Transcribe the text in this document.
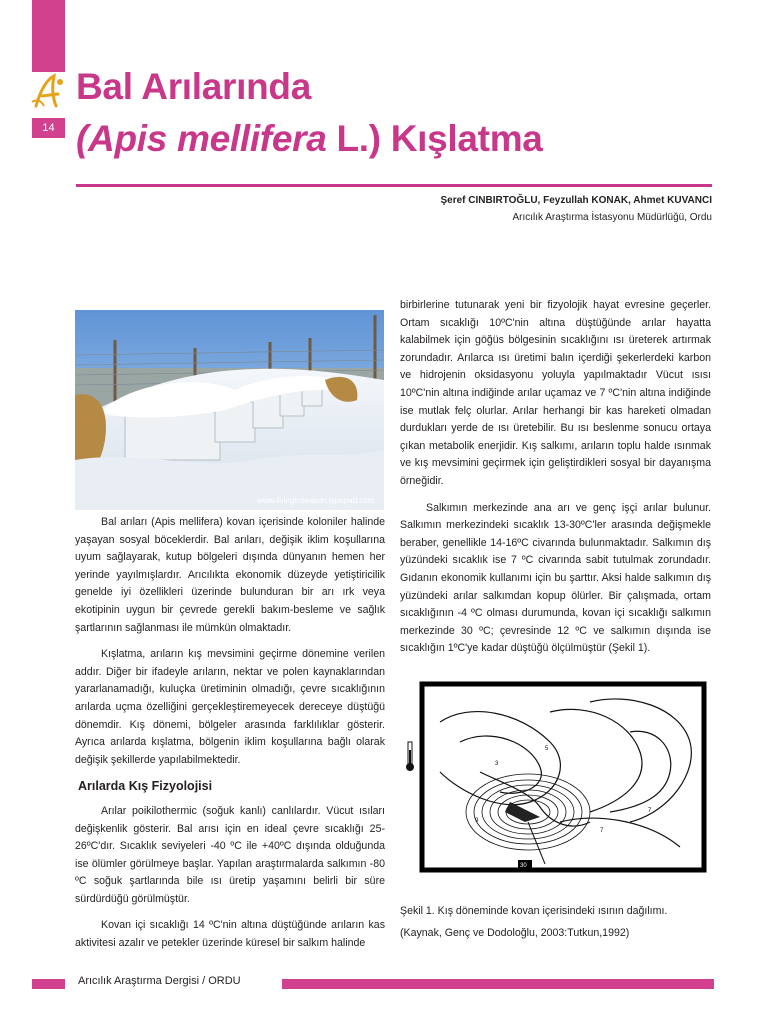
14
Bal Arılarında
(Apis mellifera L.) Kışlatma
Şeref CINBIRTOĞLU, Feyzullah KONAK, Ahmet KUVANCI
Arıcılık Araştırma İstasyonu Müdürlüğü, Ordu
www.livinginseason.typepad.com

Bal arıları (Apis mellifera) kovan içerisinde koloniler halinde yaşayan sosyal böceklerdir. Bal arıları, değişik iklim koşullarına uyum sağlayarak, kutup bölgeleri dışında dünyanın hemen her yerinde yayılmışlardır. Arıcılıkta ekonomik düzeyde yetiştiricilik genelde iyi özellikleri üzerinde bulunduran bir arı ırk veya ekotipinin uygun bir çevrede gerekli bakım-besleme ve sağlık şartlarının sağlanması ile mümkün olmaktadır.

Kışlatma, arıların kış mevsimini geçirme dönemine verilen addır. Diğer bir ifadeyle arıların, nektar ve polen kaynaklarından yararlanamadığı, kuluçka üretiminin olmadığı, çevre sıcaklığının arılarda uçma özelliğini gerçekleştiremeyecek dereceye düştüğü dönemdir. Kış dönemi, bölgeler arasında farklılıklar gösterir. Ayrıca arılarda kışlatma, bölgenin iklim koşullarına bağlı olarak değişik şekillerde yapılabilmektedir.

Arılarda Kış Fizyolojisi

Arılar poikilothermic (soğuk kanlı) canlılardır. Vücut ısıları değişkenlik gösterir. Bal arısı için en ideal çevre sıcaklığı 25-26ºC'dır. Sıcaklık seviyeleri -40 ºC ile +40ºC dışında olduğunda ise ölümler görülmeye başlar. Yapılan araştırmalarda salkımın -80 ºC soğuk şartlarında bile ısı üretip yaşamını belirli bir süre sürdürdüğü görülmüştür.

Kovan içi sıcaklığı 14 ºC'nin altına düştüğünde arıların kas aktivitesi azalır ve petekler üzerinde küresel bir salkım halinde

birbirlerine tutunarak yeni bir fizyolojik hayat evresine geçerler. Ortam sıcaklığı 10ºC'nin altına düştüğünde arılar hayatta kalabilmek için göğüs bölgesinin sıcaklığını ısı üreterek artırmak zorundadır. Arılarca ısı üretimi balın içerdiği şekerlerdeki karbon ve hidrojenin oksidasyonu yoluyla yapılmaktadır Vücut ısısı 10ºC'nin altına indiğinde arılar uçamaz ve 7 ºC'nin altına indiğinde ise mutlak felç olurlar. Arılar herhangi bir kas hareketi olmadan durdukları yerde de ısı üretebilir. Bu ısı beslenme sonucu ortaya çıkan metabolik enerjidir. Kış salkımı, arıların toplu halde ısınmak ve kış mevsimini geçirmek için geliştirdikleri sosyal bir dayanışma örneğidir.

Salkımın merkezinde ana arı ve genç işçi arılar bulunur. Salkımın merkezindeki sıcaklık 13-30ºC'ler arasında değişmekle beraber, genellikle 14-16ºC civarında bulunmaktadır. Salkımın dış yüzündeki sıcaklık ise 7 ºC civarında sabit tutulmak zorundadır. Gıdanın ekonomik kullanımı için bu şarttır. Aksi halde salkımın dış yüzündeki arılar salkımdan kopup ölürler. Bir çalışmada, ortam sıcaklığının -4 ºC olması durumunda, kovan içi sıcaklığı salkımın merkezinde 30 ºC; çevresinde 12 ºC ve salkımın dışında ise sıcaklığın 1ºC'ye kadar düştüğü ölçülmüştür (Şekil 1).

30
3
5
7
7
9
Şekil 1. Kış döneminde kovan içerisindeki ısının dağılımı.
(Kaynak, Genç ve Dodoloğlu, 2003:Tutkun,1992)
Arıcılık Araştırma Dergisi / ORDU
